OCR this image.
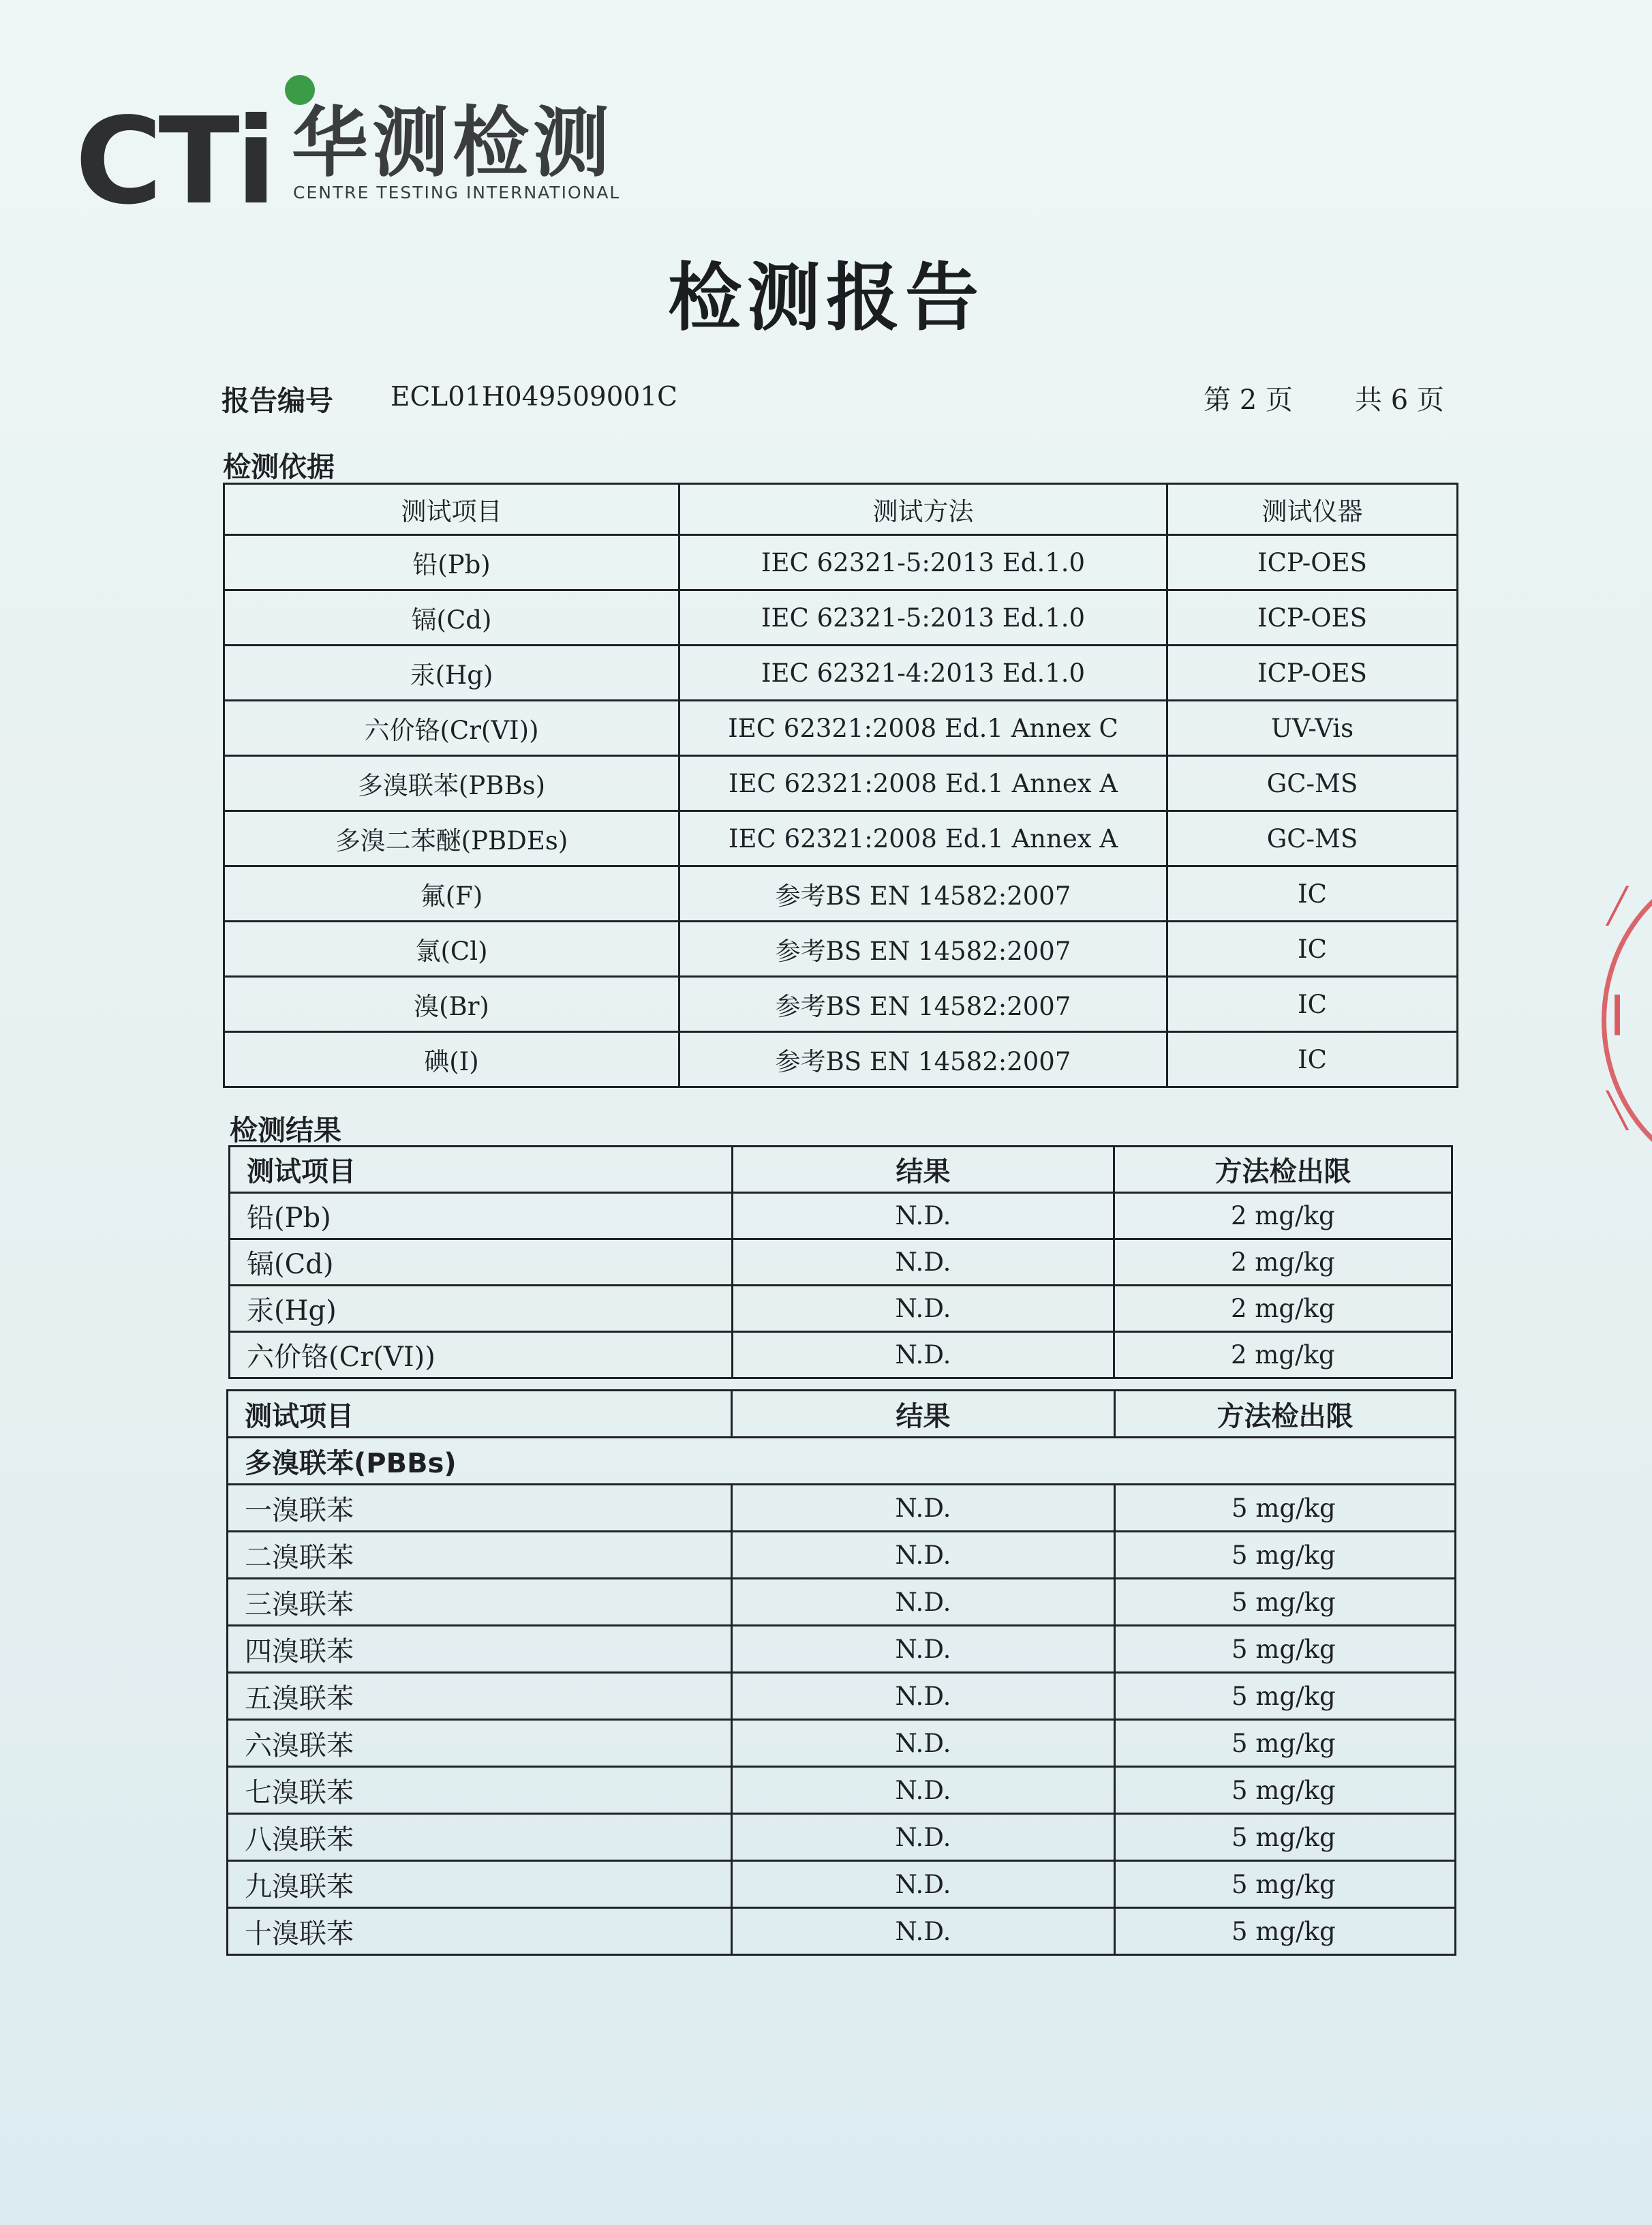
CTi 华测检测
CENTRE TESTING INTERNATIONAL
检测报告
报告编号 ECL01H049509001C	第 2 页 共 6 页
检测依据
测试项目	测试方法	测试仪器
铅(Pb)	IEC 62321-5:2013 Ed.1.0	ICP-OES
镉(Cd)	IEC 62321-5:2013 Ed.1.0	ICP-OES
汞(Hg)	IEC 62321-4:2013 Ed.1.0	ICP-OES
六价铬(Cr(VI))	IEC 62321:2008 Ed.1 Annex C	UV-Vis
多溴联苯(PBBs)	IEC 62321:2008 Ed.1 Annex A	GC-MS
多溴二苯醚(PBDEs)	IEC 62321:2008 Ed.1 Annex A	GC-MS
氟(F)	参考BS EN 14582:2007	IC
氯(Cl)	参考BS EN 14582:2007	IC
溴(Br)	参考BS EN 14582:2007	IC
碘(I)	参考BS EN 14582:2007	IC
检测结果
测试项目	结果	方法检出限
铅(Pb)	N.D.	2 mg/kg
镉(Cd)	N.D.	2 mg/kg
汞(Hg)	N.D.	2 mg/kg
六价铬(Cr(VI))	N.D.	2 mg/kg
测试项目	结果	方法检出限
多溴联苯(PBBs)		
一溴联苯	N.D.	5 mg/kg
二溴联苯	N.D.	5 mg/kg
三溴联苯	N.D.	5 mg/kg
四溴联苯	N.D.	5 mg/kg
五溴联苯	N.D.	5 mg/kg
六溴联苯	N.D.	5 mg/kg
七溴联苯	N.D.	5 mg/kg
八溴联苯	N.D.	5 mg/kg
九溴联苯	N.D.	5 mg/kg
十溴联苯	N.D.	5 mg/kg
╱
┃
╲
